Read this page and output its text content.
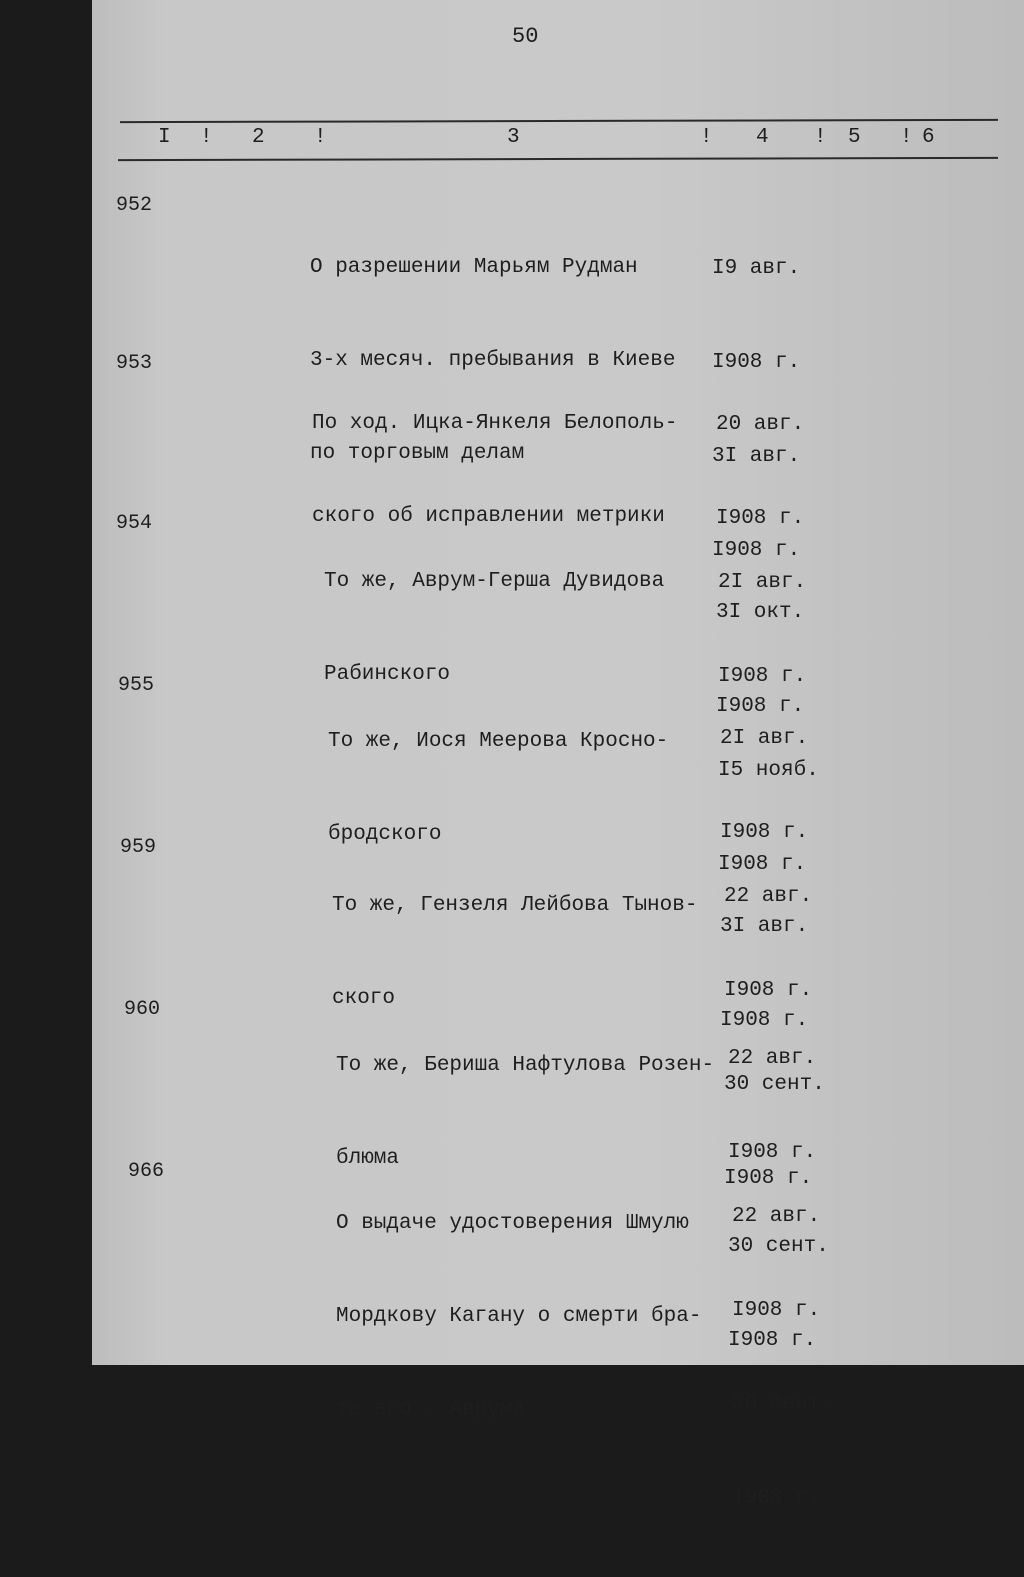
50
I ! 2 !	3	! 4 ! 5 ! 6
952

О разрешении Марьям Рудман

3-х месяч. пребывания в Киеве

по торговым делам

I9 авг.

I908 г.

3I авг.

I908 г.

953

По ход. Ицка-Янкеля Белополь-

ского об исправлении метрики

20 авг.

I908 г.

3I окт.

I908 г.

954

То же, Аврум-Герша Дувидова

Рабинского

2I авг.

I908 г.

I5 нояб.

I908 г.

955

То же, Иося Меерова Кросно-

бродского

2I авг.

I908 г.

3I авг.

I908 г.

959

То же, Гензеля Лейбова Тынов-

ского

22 авг.

I908 г.

30 сент.

I908 г.

960

То же, Бериша Нафтулова Розен-

блюма

22 авг.

I908 г.

30 сент.

I908 г.

966

О выдаче удостоверения Шмулю

Мордкову Кагану о смерти бра-

та его - Аврума

22 авг.

I908 г.

30 сент.

I908 г.
